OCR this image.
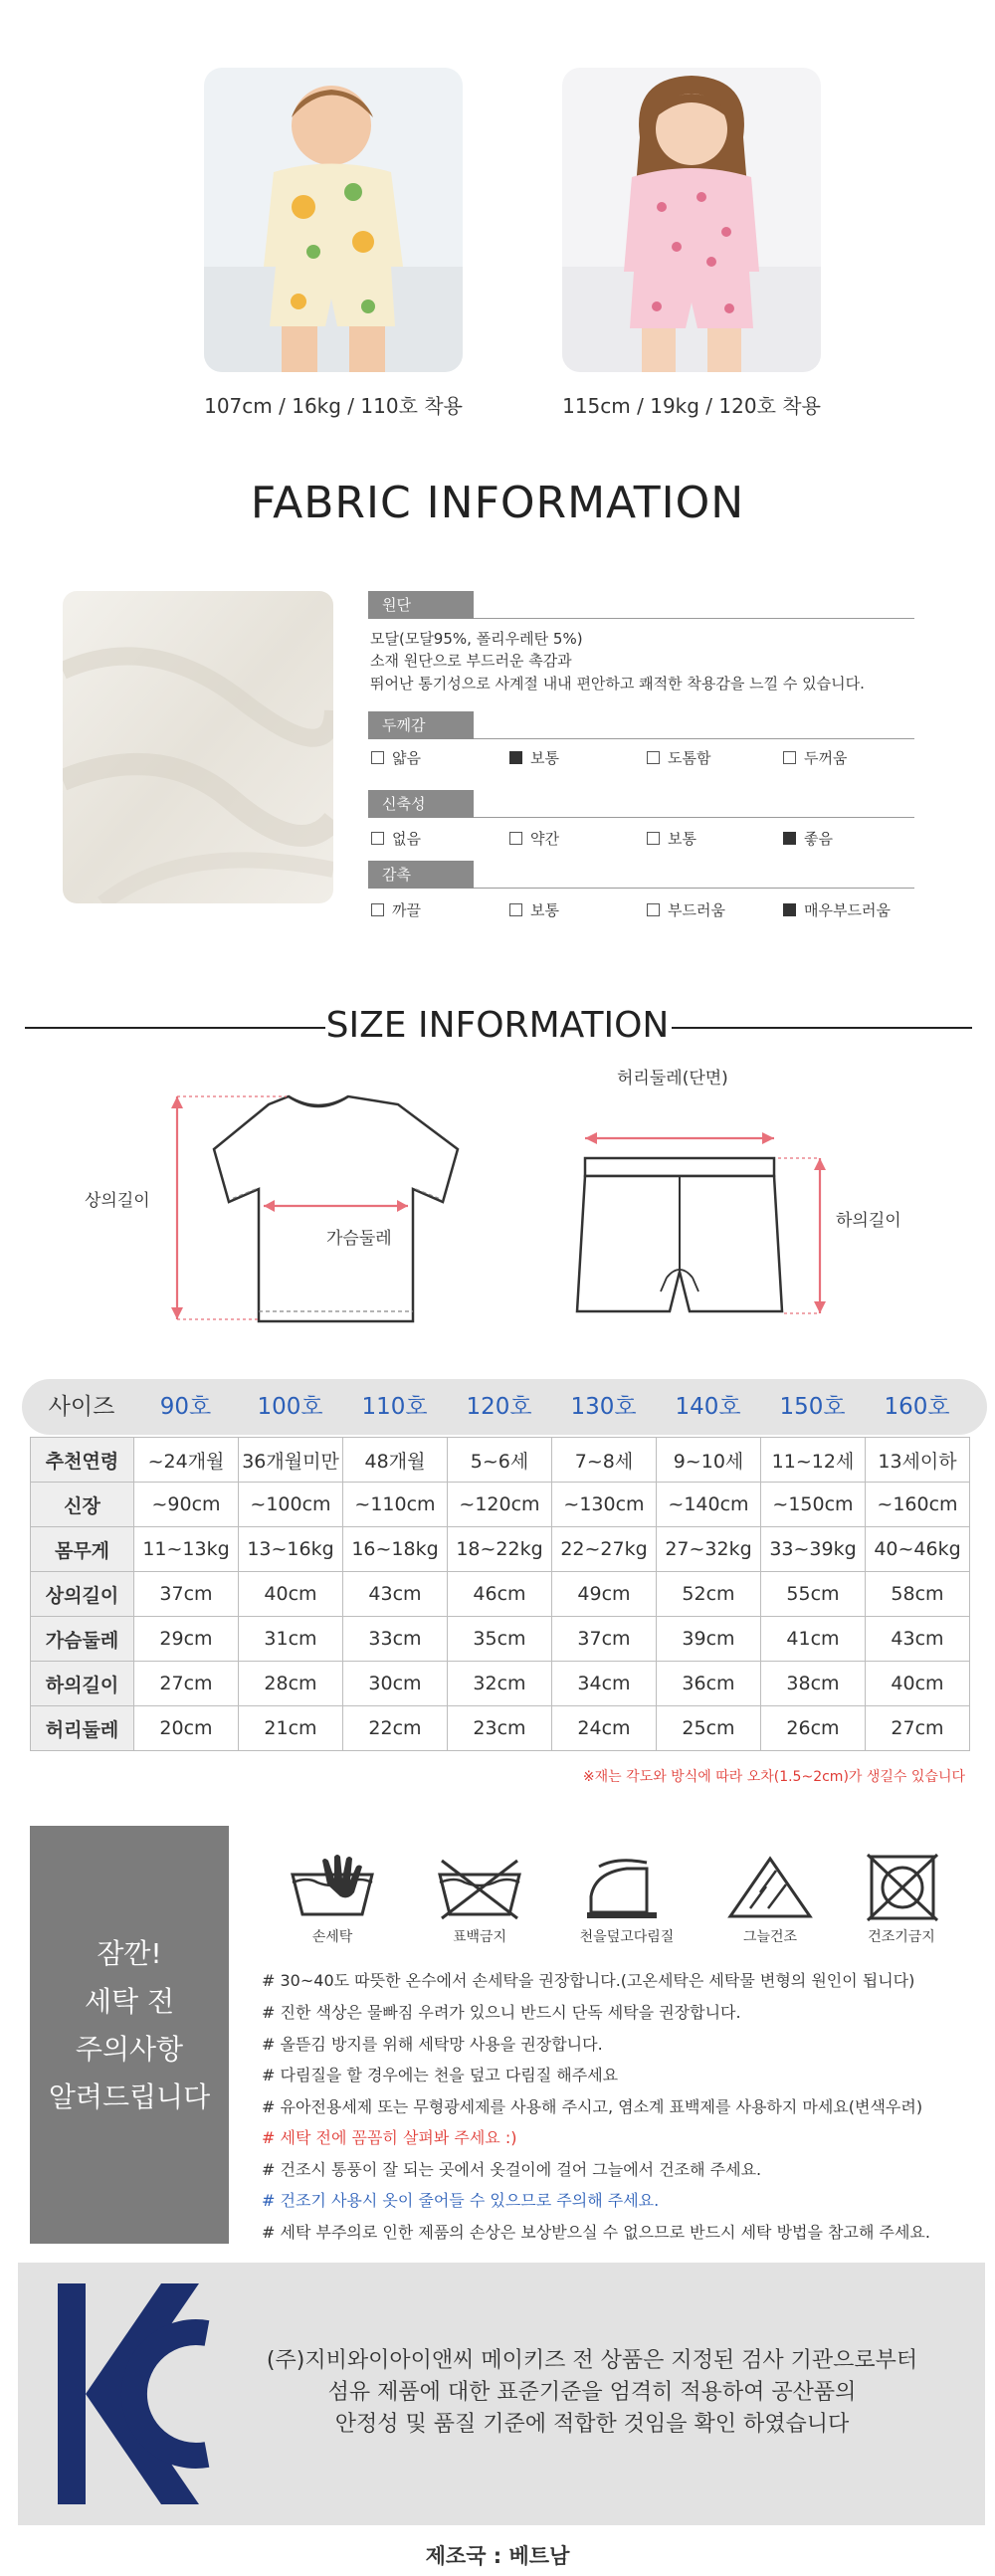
107cm / 16kg / 110호 착용	115cm / 19kg / 120호 착용
FABRIC INFORMATION
원단
모달(모달95%, 폴리우레탄 5%)
소재 원단으로 부드러운 촉감과
뛰어난 통기성으로 사계절 내내 편안하고 쾌적한 착용감을 느낄 수 있습니다.
두께감
얇음	보통	도톰함	두꺼움
신축성
없음	약간	보통	좋음
감촉
까끌	보통	부드러움	매우부드러움
SIZE INFORMATION
상의길이
가슴둘레
허리둘레(단면)
하의길이
사이즈	90호	100호	110호	120호	130호	140호	150호	160호
추천연령	~24개월	36개월미만	48개월	5~6세	7~8세	9~10세	11~12세	13세이하
신장	~90cm	~100cm	~110cm	~120cm	~130cm	~140cm	~150cm	~160cm
몸무게	11~13kg	13~16kg	16~18kg	18~22kg	22~27kg	27~32kg	33~39kg	40~46kg
상의길이	37cm	40cm	43cm	46cm	49cm	52cm	55cm	58cm
가슴둘레	29cm	31cm	33cm	35cm	37cm	39cm	41cm	43cm
하의길이	27cm	28cm	30cm	32cm	34cm	36cm	38cm	40cm
허리둘레	20cm	21cm	22cm	23cm	24cm	25cm	26cm	27cm
※재는 각도와 방식에 따라 오차(1.5~2cm)가 생길수 있습니다
잠깐!
세탁 전
주의사항
알려드립니다
손세탁	표백금지	천을덮고다림질	그늘건조	건조기금지
# 30~40도 따뜻한 온수에서 손세탁을 권장합니다.(고온세탁은 세탁물 변형의 원인이 됩니다)
# 진한 색상은 물빠짐 우려가 있으니 반드시 단독 세탁을 권장합니다.
# 올뜯김 방지를 위해 세탁망 사용을 권장합니다.
# 다림질을 할 경우에는 천을 덮고 다림질 해주세요
# 유아전용세제 또는 무형광세제를 사용해 주시고, 염소계 표백제를 사용하지 마세요(변색우려)
# 세탁 전에 꼼꼼히 살펴봐 주세요 :)
# 건조시 통풍이 잘 되는 곳에서 옷걸이에 걸어 그늘에서 건조해 주세요.
# 건조기 사용시 옷이 줄어들 수 있으므로 주의해 주세요.
# 세탁 부주의로 인한 제품의 손상은 보상받으실 수 없으므로 반드시 세탁 방법을 참고해 주세요.
(주)지비와이아이앤씨 메이키즈 전 상품은 지정된 검사 기관으로부터
섬유 제품에 대한 표준기준을 엄격히 적용하여 공산품의
안정성 및 품질 기준에 적합한 것임을 확인 하였습니다
제조국 : 베트남
